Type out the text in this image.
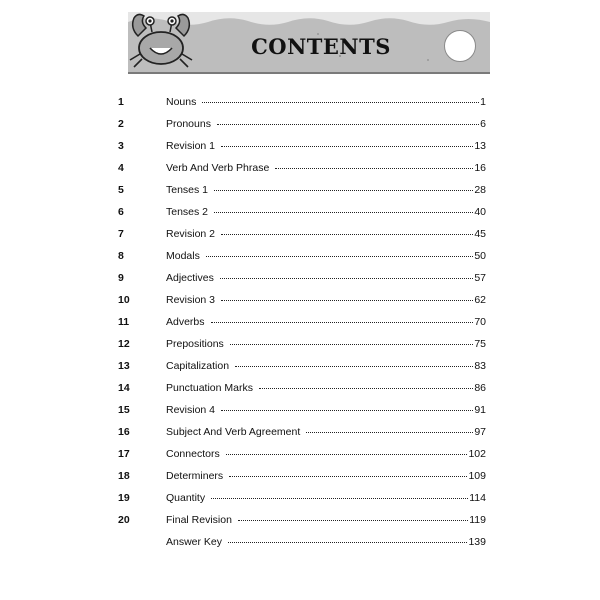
CONTENTS
1	Nouns	1
2	Pronouns	6
3	Revision 1	13
4	Verb And Verb Phrase	16
5	Tenses 1	28
6	Tenses 2	40
7	Revision 2	45
8	Modals	50
9	Adjectives	57
10	Revision 3	62
11	Adverbs	70
12	Prepositions	75
13	Capitalization	83
14	Punctuation Marks	86
15	Revision 4	91
16	Subject And Verb Agreement	97
17	Connectors	102
18	Determiners	109
19	Quantity	114
20	Final Revision	119
Answer Key	139
